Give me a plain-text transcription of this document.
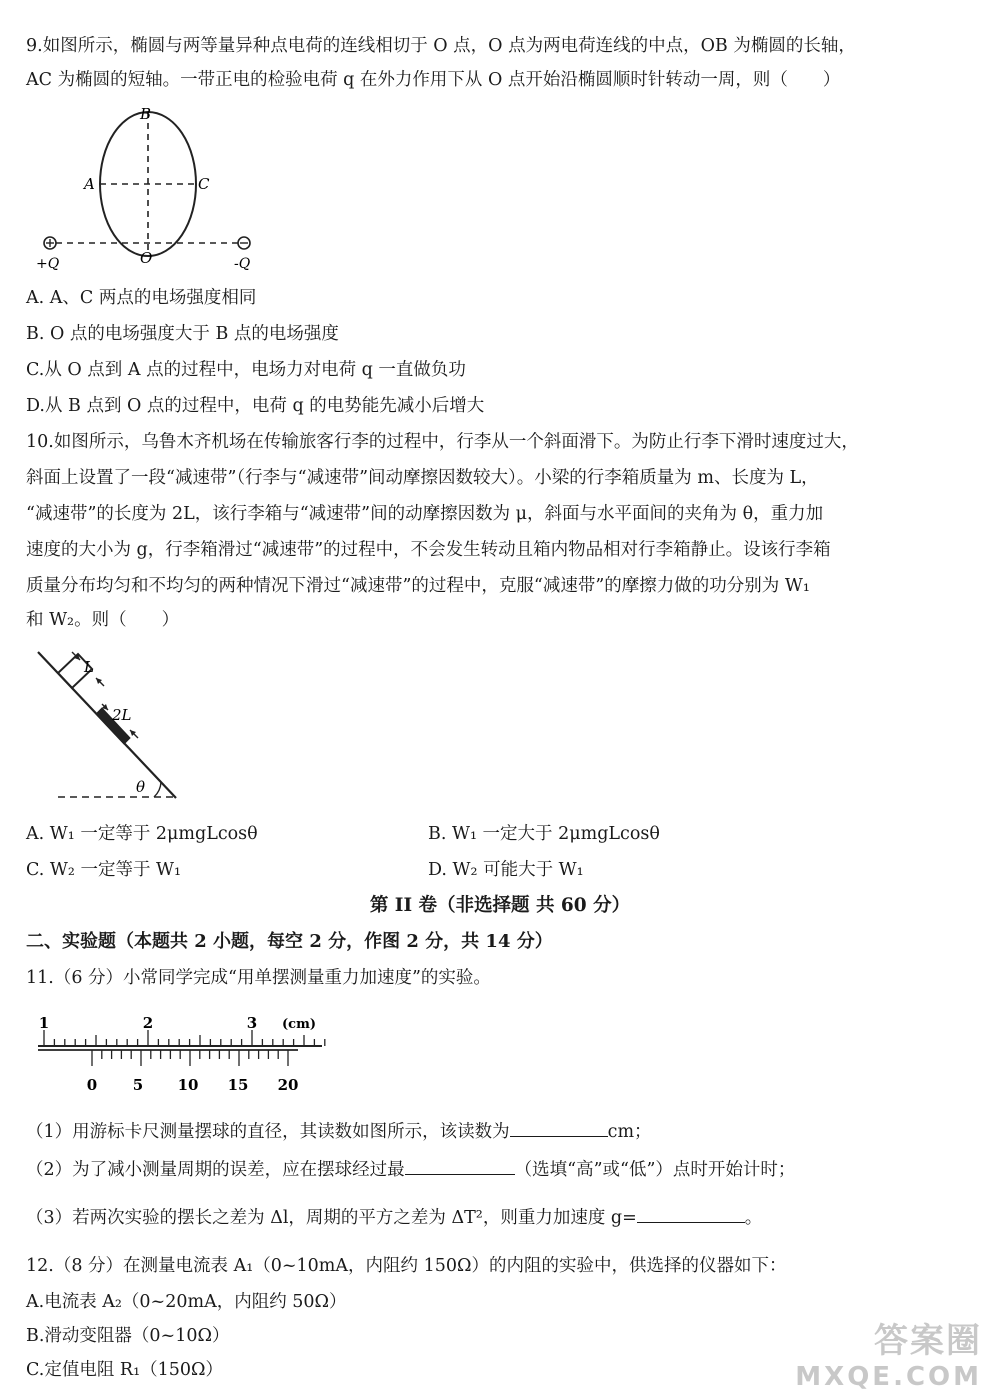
9.如图所示，椭圆与两等量异种点电荷的连线相切于 O 点，O 点为两电荷连线的中点，OB 为椭圆的长轴，
AC 为椭圆的短轴。一带正电的检验电荷 q 在外力作用下从 O 点开始沿椭圆顺时针转动一周，则（　　）
B
A	C
O
+Q	-Q
A. A、C 两点的电场强度相同
B. O 点的电场强度大于 B 点的电场强度
C.从 O 点到 A 点的过程中，电场力对电荷 q 一直做负功
D.从 B 点到 O 点的过程中，电荷 q 的电势能先减小后增大
10.如图所示，乌鲁木齐机场在传输旅客行李的过程中，行李从一个斜面滑下。为防止行李下滑时速度过大，
斜面上设置了一段“减速带”（行李与“减速带”间动摩擦因数较大）。小梁的行李箱质量为 m、长度为 L，
“减速带”的长度为 2L，该行李箱与“减速带”间的动摩擦因数为 μ，斜面与水平面间的夹角为 θ，重力加
速度的大小为 g，行李箱滑过“减速带”的过程中，不会发生转动且箱内物品相对行李箱静止。设该行李箱
质量分布均匀和不均匀的两种情况下滑过“减速带”的过程中，克服“减速带”的摩擦力做的功分别为 W₁
和 W₂。则（　　）
θ
L
2L
A. W₁ 一定等于 2μmgLcosθ	B. W₁ 一定大于 2μmgLcosθ
C. W₂ 一定等于 W₁	D. W₂ 可能大于 W₁
第 II 卷（非选择题 共 60 分）
二、实验题（本题共 2 小题，每空 2 分，作图 2 分，共 14 分）
11.（6 分）小常同学完成“用单摆测量重力加速度”的实验。
1	2	3 (cm)
0 5 10 15 20
（1）用游标卡尺测量摆球的直径，其读数如图所示，该读数为	cm；
（2）为了减小测量周期的误差，应在摆球经过最	（选填“高”或“低”）点时开始计时；
（3）若两次实验的摆长之差为 Δl，周期的平方之差为 ΔT²，则重力加速度 g=	。
12.（8 分）在测量电流表 A₁（0~10mA，内阻约 150Ω）的内阻的实验中，供选择的仪器如下：
A.电流表 A₂（0~20mA，内阻约 50Ω）
B.滑动变阻器（0~10Ω）
C.定值电阻 R₁（150Ω）
答案圈
MXQE.COM
